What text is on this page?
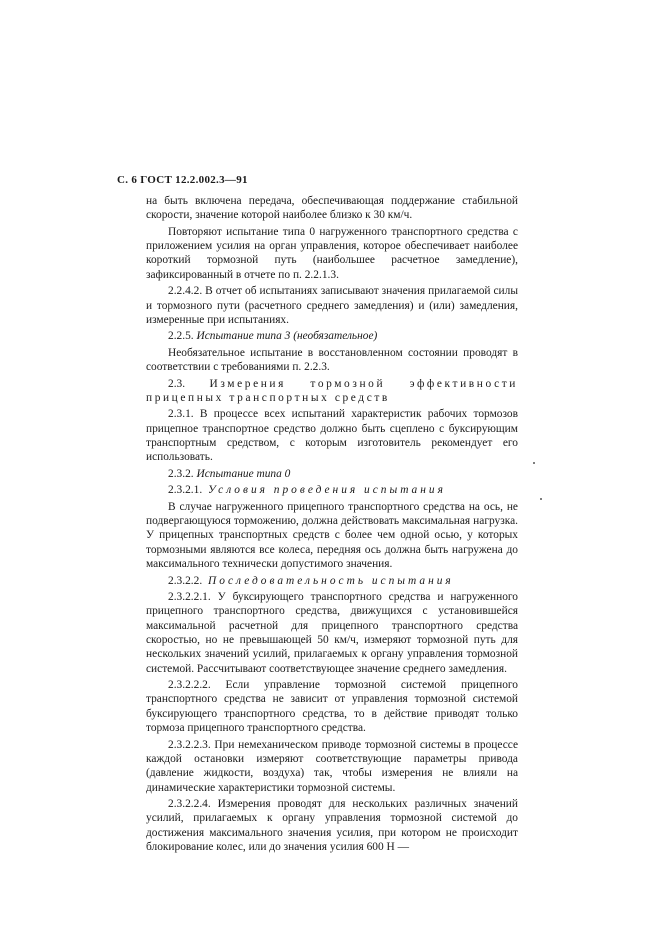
С. 6 ГОСТ 12.2.002.3—91

на быть включена передача, обеспечивающая поддержание стабильной скорости, значение которой наиболее близко к 30 км/ч.

Повторяют испытание типа 0 нагруженного транспортного средства с приложением усилия на орган управления, которое обеспечивает наиболее короткий тормозной путь (наибольшее расчетное замедление), зафиксированный в отчете по п. 2.2.1.3.

2.2.4.2. В отчет об испытаниях записывают значения прилагаемой силы и тормозного пути (расчетного среднего замедления) и (или) замедления, измеренные при испытаниях.

2.2.5. Испытание типа 3 (необязательное)

Необязательное испытание в восстановленном состоянии проводят в соответствии с требованиями п. 2.2.3.

2.3. Измерения тормозной эффективности прицепных транспортных средств

2.3.1. В процессе всех испытаний характеристик рабочих тормозов прицепное транспортное средство должно быть сцеплено с буксирующим транспортным средством, с которым изготовитель рекомендует его использовать.

2.3.2. Испытание типа 0

2.3.2.1. Условия проведения испытания

В случае нагруженного прицепного транспортного средства на ось, не подвергающуюся торможению, должна действовать максимальная нагрузка. У прицепных транспортных средств с более чем одной осью, у которых тормозными являются все колеса, передняя ось должна быть нагружена до максимального технически допустимого значения.

2.3.2.2. Последовательность испытания

2.3.2.2.1. У буксирующего транспортного средства и нагруженного прицепного транспортного средства, движущихся с установившейся максимальной расчетной для прицепного транспортного средства скоростью, но не превышающей 50 км/ч, измеряют тормозной путь для нескольких значений усилий, прилагаемых к органу управления тормозной системой. Рассчитывают соответствующее значение среднего замедления.

2.3.2.2.2. Если управление тормозной системой прицепного транспортного средства не зависит от управления тормозной системой буксирующего транспортного средства, то в действие приводят только тормоза прицепного транспортного средства.

2.3.2.2.3. При немеханическом приводе тормозной системы в процессе каждой остановки измеряют соответствующие параметры привода (давление жидкости, воздуха) так, чтобы измерения не влияли на динамические характеристики тормозной системы.

2.3.2.2.4. Измерения проводят для нескольких различных значений усилий, прилагаемых к органу управления тормозной системой до достижения максимального значения усилия, при котором не происходит блокирование колес, или до значения усилия 600 Н —
